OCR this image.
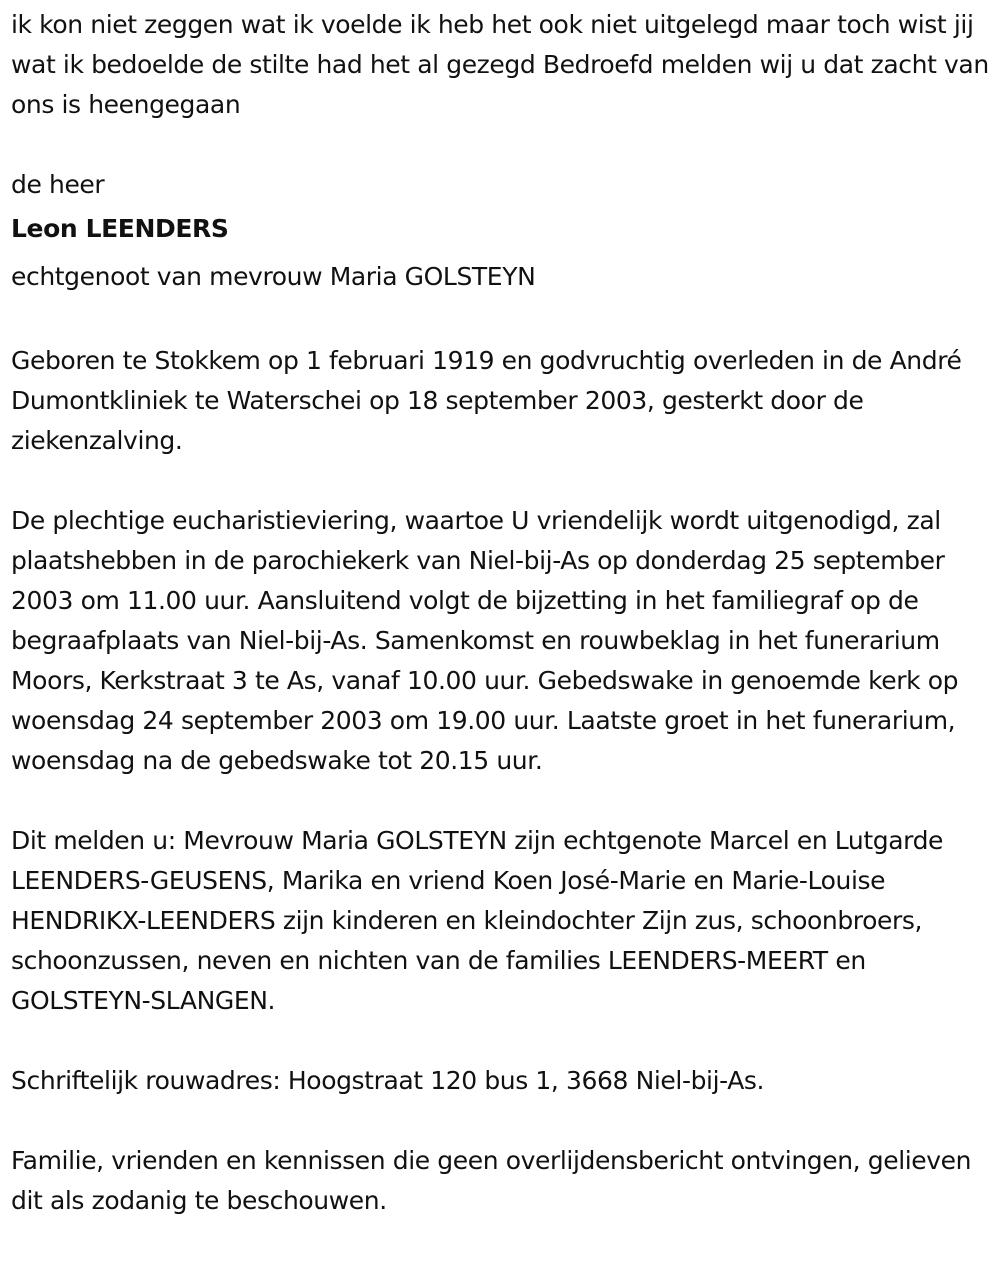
ik kon niet zeggen wat ik voelde ik heb het ook niet uitgelegd maar toch wist jij wat ik bedoelde de stilte had het al gezegd Bedroefd melden wij u dat zacht van ons is heengegaan

de heer

Leon LEENDERS

echtgenoot van mevrouw Maria GOLSTEYN

Geboren te Stokkem op 1 februari 1919 en godvruchtig overleden in de André Dumontkliniek te Waterschei op 18 september 2003, gesterkt door de ziekenzalving.

De plechtige eucharistieviering, waartoe U vriendelijk wordt uitgenodigd, zal plaatshebben in de parochiekerk van Niel-bij-As op donderdag 25 september 2003 om 11.00 uur. Aansluitend volgt de bijzetting in het familiegraf op de begraafplaats van Niel-bij-As. Samenkomst en rouwbeklag in het funerarium Moors, Kerkstraat 3 te As, vanaf 10.00 uur. Gebedswake in genoemde kerk op woensdag 24 september 2003 om 19.00 uur. Laatste groet in het funerarium, woensdag na de gebedswake tot 20.15 uur.

Dit melden u: Mevrouw Maria GOLSTEYN zijn echtgenote Marcel en Lutgarde LEENDERS-GEUSENS, Marika en vriend Koen José-Marie en Marie-Louise HENDRIKX-LEENDERS zijn kinderen en kleindochter Zijn zus, schoonbroers, schoonzussen, neven en nichten van de families LEENDERS-MEERT en GOLSTEYN-SLANGEN.

Schriftelijk rouwadres: Hoogstraat 120 bus 1, 3668 Niel-bij-As.

Familie, vrienden en kennissen die geen overlijdensbericht ontvingen, gelieven dit als zodanig te beschouwen.
